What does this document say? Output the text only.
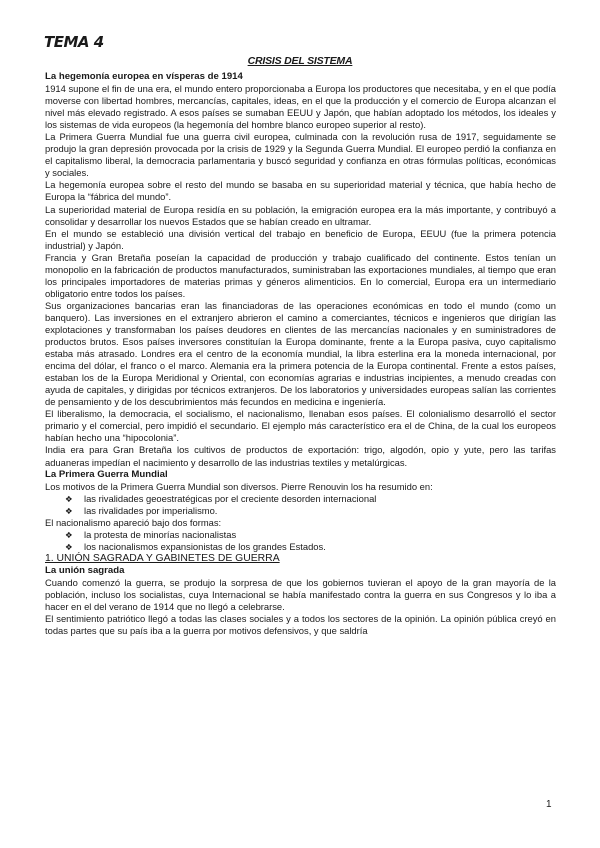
TEMA 4
CRISIS DEL SISTEMA
La hegemonía europea en vísperas de 1914

1914 supone el fin de una era, el mundo entero proporcionaba a Europa los productores que necesitaba, y en el que podía moverse con libertad hombres, mercancías, capitales, ideas, en el que la producción y el comercio de Europa alcanzan el nivel más elevado registrado. A esos países se sumaban EEUU y Japón, que habían adoptado los métodos, los ideales y los sistemas de vida europeos (la hegemonía del hombre blanco europeo superior al resto).

La Primera Guerra Mundial fue una guerra civil europea, culminada con la revolución rusa de 1917, seguidamente se produjo la gran depresión provocada por la crisis de 1929 y la Segunda Guerra Mundial. El europeo perdió la confianza en el capitalismo liberal, la democracia parlamentaria y buscó seguridad y confianza en otras fórmulas políticas, económicas y sociales.

La hegemonía europea sobre el resto del mundo se basaba en su superioridad material y técnica, que había hecho de Europa la “fábrica del mundo”.

La superioridad material de Europa residía en su población, la emigración europea era la más importante, y contribuyó a consolidar y desarrollar los nuevos Estados que se habían creado en ultramar.

En el mundo se estableció una división vertical del trabajo en beneficio de Europa, EEUU (fue la primera potencia industrial) y Japón.

Francia y Gran Bretaña poseían la capacidad de producción y trabajo cualificado del continente. Estos tenían un monopolio en la fabricación de productos manufacturados, suministraban las exportaciones mundiales, al tiempo que eran los principales importadores de materias primas y géneros alimenticios. En lo comercial, Europa era un intermediario obligatorio entre todos los países.

Sus organizaciones bancarias eran las financiadoras de las operaciones económicas en todo el mundo (como un banquero). Las inversiones en el extranjero abrieron el camino a comerciantes, técnicos e ingenieros que dirigían las explotaciones y transformaban los países deudores en clientes de las mercancías nacionales y en suministradores de productos brutos. Esos países inversores constituían la Europa dominante, frente a la Europa pasiva, cuyo capitalismo estaba más atrasado. Londres era el centro de la economía mundial, la libra esterlina era la moneda internacional, por encima del dólar, el franco o el marco. Alemania era la primera potencia de la Europa continental. Frente a estos países, estaban los de la Europa Meridional y Oriental, con economías agrarias e industrias incipientes, a menudo creadas con ayuda de capitales, y dirigidas por técnicos extranjeros. De los laboratorios y universidades europeas salían las corrientes de pensamiento y de los descubrimientos más fecundos en medicina e ingeniería.

El liberalismo, la democracia, el socialismo, el nacionalismo, llenaban esos países. El colonialismo desarrolló el sector primario y el comercial, pero impidió el secundario. El ejemplo más característico era el de China, de la cual los europeos habían hecho una “hipocolonia”.

India era para Gran Bretaña los cultivos de productos de exportación: trigo, algodón, opio y yute, pero las tarifas aduaneras impedían el nacimiento y desarrollo de las industrias textiles y metalúrgicas.

La Primera Guerra Mundial

Los motivos de la Primera Guerra Mundial son diversos. Pierre Renouvin los ha resumido en:

❖ las rivalidades geoestratégicas por el creciente desorden internacional
❖ las rivalidades por imperialismo.

El nacionalismo apareció bajo dos formas:

❖ la protesta de minorías nacionalistas
❖ los nacionalismos expansionistas de los grandes Estados.
1. UNIÓN SAGRADA Y GABINETES DE GUERRA
La unión sagrada

Cuando comenzó la guerra, se produjo la sorpresa de que los gobiernos tuvieran el apoyo de la gran mayoría de la población, incluso los socialistas, cuya Internacional se había manifestado contra la guerra en sus Congresos y lo iba a hacer en el del verano de 1914 que no llegó a celebrarse.

El sentimiento patriótico llegó a todas las clases sociales y a todos los sectores de la opinión. La opinión pública creyó en todas partes que su país iba a la guerra por motivos defensivos, y que saldría

1
